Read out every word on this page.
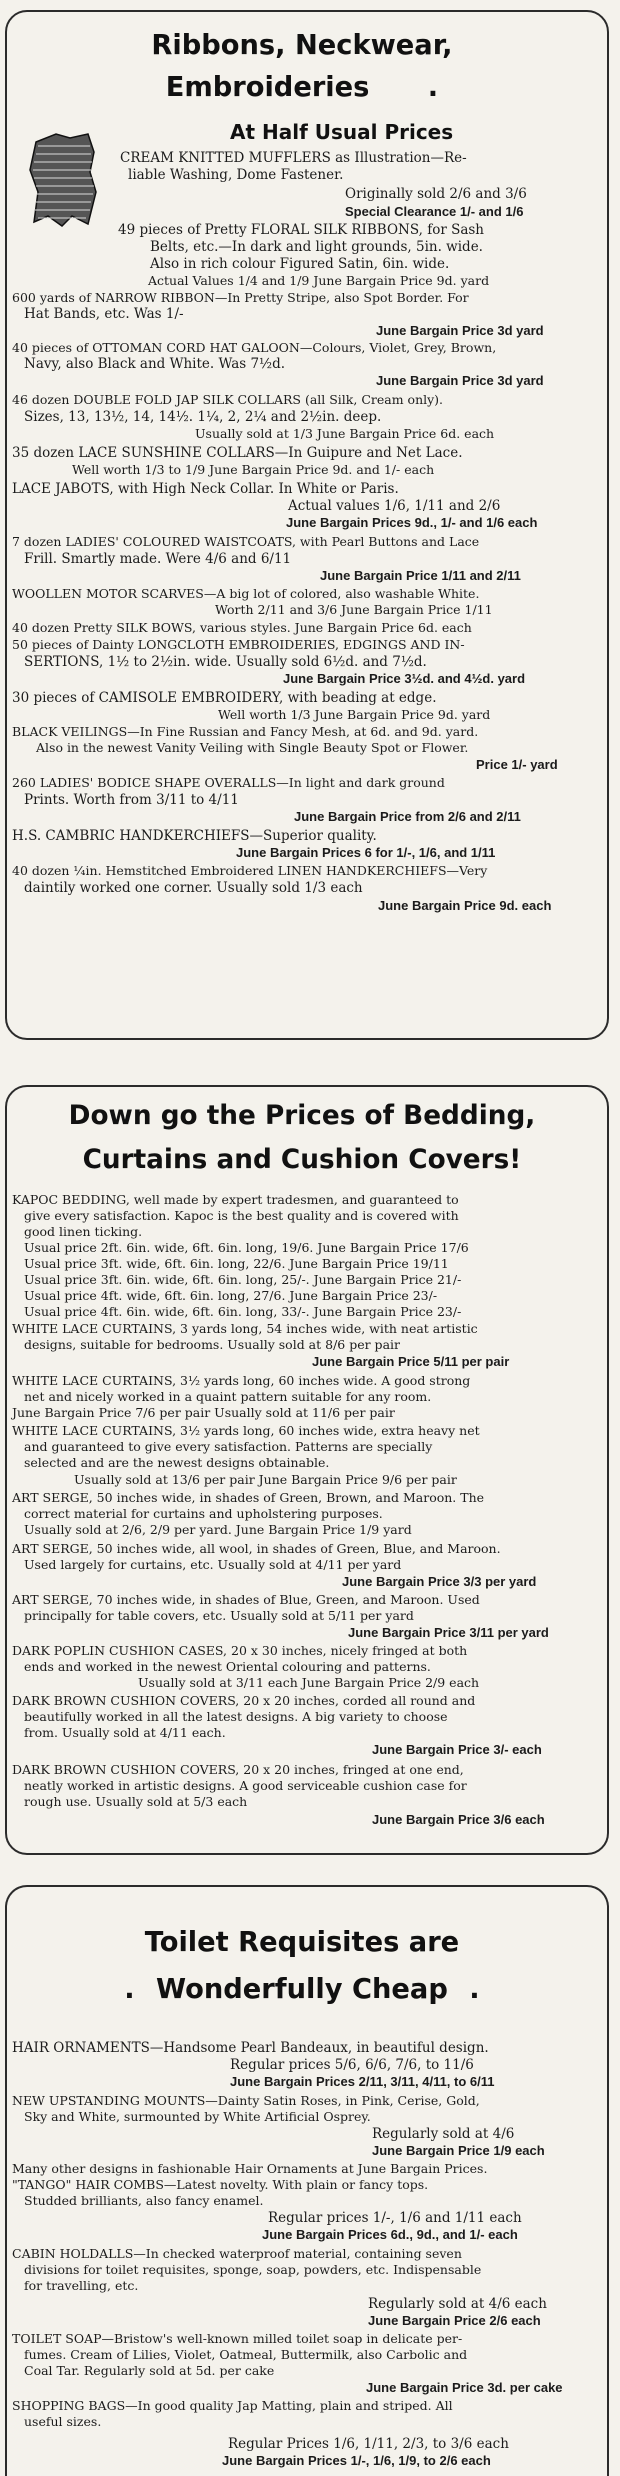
Ribbons, Neckwear,
Embroideries .
At Half Usual Prices
CREAM KNITTED MUFFLERS as Illustration—Re-
liable Washing, Dome Fastener.
Originally sold 2/6 and 3/6
Special Clearance 1/- and 1/6
49 pieces of Pretty FLORAL SILK RIBBONS, for Sash
Belts, etc.—In dark and light grounds, 5in. wide.
Also in rich colour Figured Satin, 6in. wide.
Actual Values 1/4 and 1/9 June Bargain Price 9d. yard
600 yards of NARROW RIBBON—In Pretty Stripe, also Spot Border. For
Hat Bands, etc. Was 1/-
June Bargain Price 3d yard
40 pieces of OTTOMAN CORD HAT GALOON—Colours, Violet, Grey, Brown,
Navy, also Black and White. Was 7½d.
June Bargain Price 3d yard
46 dozen DOUBLE FOLD JAP SILK COLLARS (all Silk, Cream only).
Sizes, 13, 13½, 14, 14½. 1¼, 2, 2¼ and 2½in. deep.
Usually sold at 1/3 June Bargain Price 6d. each
35 dozen LACE SUNSHINE COLLARS—In Guipure and Net Lace.
Well worth 1/3 to 1/9 June Bargain Price 9d. and 1/- each
LACE JABOTS, with High Neck Collar. In White or Paris.
Actual values 1/6, 1/11 and 2/6
June Bargain Prices 9d., 1/- and 1/6 each
7 dozen LADIES' COLOURED WAISTCOATS, with Pearl Buttons and Lace
Frill. Smartly made. Were 4/6 and 6/11
June Bargain Price 1/11 and 2/11
WOOLLEN MOTOR SCARVES—A big lot of colored, also washable White.
Worth 2/11 and 3/6 June Bargain Price 1/11
40 dozen Pretty SILK BOWS, various styles. June Bargain Price 6d. each
50 pieces of Dainty LONGCLOTH EMBROIDERIES, EDGINGS AND IN-
SERTIONS, 1½ to 2½in. wide. Usually sold 6½d. and 7½d.
June Bargain Price 3½d. and 4½d. yard
30 pieces of CAMISOLE EMBROIDERY, with beading at edge.
Well worth 1/3 June Bargain Price 9d. yard
BLACK VEILINGS—In Fine Russian and Fancy Mesh, at 6d. and 9d. yard.
Also in the newest Vanity Veiling with Single Beauty Spot or Flower.
Price 1/- yard
260 LADIES' BODICE SHAPE OVERALLS—In light and dark ground
Prints. Worth from 3/11 to 4/11
June Bargain Price from 2/6 and 2/11
H.S. CAMBRIC HANDKERCHIEFS—Superior quality.
June Bargain Prices 6 for 1/-, 1/6, and 1/11
40 dozen ¼in. Hemstitched Embroidered LINEN HANDKERCHIEFS—Very
daintily worked one corner. Usually sold 1/3 each
June Bargain Price 9d. each
Down go the Prices of Bedding,
Curtains and Cushion Covers!
KAPOC BEDDING, well made by expert tradesmen, and guaranteed to
give every satisfaction. Kapoc is the best quality and is covered with
good linen ticking.
Usual price 2ft. 6in. wide, 6ft. 6in. long, 19/6. June Bargain Price 17/6
Usual price 3ft. wide, 6ft. 6in. long, 22/6. June Bargain Price 19/11
Usual price 3ft. 6in. wide, 6ft. 6in. long, 25/-. June Bargain Price 21/-
Usual price 4ft. wide, 6ft. 6in. long, 27/6. June Bargain Price 23/-
Usual price 4ft. 6in. wide, 6ft. 6in. long, 33/-. June Bargain Price 23/-
WHITE LACE CURTAINS, 3 yards long, 54 inches wide, with neat artistic
designs, suitable for bedrooms. Usually sold at 8/6 per pair
June Bargain Price 5/11 per pair
WHITE LACE CURTAINS, 3½ yards long, 60 inches wide. A good strong
net and nicely worked in a quaint pattern suitable for any room.
June Bargain Price 7/6 per pair Usually sold at 11/6 per pair
WHITE LACE CURTAINS, 3½ yards long, 60 inches wide, extra heavy net
and guaranteed to give every satisfaction. Patterns are specially
selected and are the newest designs obtainable.
Usually sold at 13/6 per pair June Bargain Price 9/6 per pair
ART SERGE, 50 inches wide, in shades of Green, Brown, and Maroon. The
correct material for curtains and upholstering purposes.
Usually sold at 2/6, 2/9 per yard. June Bargain Price 1/9 yard
ART SERGE, 50 inches wide, all wool, in shades of Green, Blue, and Maroon.
Used largely for curtains, etc. Usually sold at 4/11 per yard
June Bargain Price 3/3 per yard
ART SERGE, 70 inches wide, in shades of Blue, Green, and Maroon. Used
principally for table covers, etc. Usually sold at 5/11 per yard
June Bargain Price 3/11 per yard
DARK POPLIN CUSHION CASES, 20 x 30 inches, nicely fringed at both
ends and worked in the newest Oriental colouring and patterns.
Usually sold at 3/11 each June Bargain Price 2/9 each
DARK BROWN CUSHION COVERS, 20 x 20 inches, corded all round and
beautifully worked in all the latest designs. A big variety to choose
from. Usually sold at 4/11 each.
June Bargain Price 3/- each
DARK BROWN CUSHION COVERS, 20 x 20 inches, fringed at one end,
neatly worked in artistic designs. A good serviceable cushion case for
rough use. Usually sold at 5/3 each
June Bargain Price 3/6 each
Toilet Requisites are
. Wonderfully Cheap .
HAIR ORNAMENTS—Handsome Pearl Bandeaux, in beautiful design.
Regular prices 5/6, 6/6, 7/6, to 11/6
June Bargain Prices 2/11, 3/11, 4/11, to 6/11
NEW UPSTANDING MOUNTS—Dainty Satin Roses, in Pink, Cerise, Gold,
Sky and White, surmounted by White Artificial Osprey.
Regularly sold at 4/6
June Bargain Price 1/9 each
Many other designs in fashionable Hair Ornaments at June Bargain Prices.
"TANGO" HAIR COMBS—Latest novelty. With plain or fancy tops.
Studded brilliants, also fancy enamel.
Regular prices 1/-, 1/6 and 1/11 each
June Bargain Prices 6d., 9d., and 1/- each
CABIN HOLDALLS—In checked waterproof material, containing seven
divisions for toilet requisites, sponge, soap, powders, etc. Indispensable
for travelling, etc.
Regularly sold at 4/6 each
June Bargain Price 2/6 each
TOILET SOAP—Bristow's well-known milled toilet soap in delicate per-
fumes. Cream of Lilies, Violet, Oatmeal, Buttermilk, also Carbolic and
Coal Tar. Regularly sold at 5d. per cake
June Bargain Price 3d. per cake
SHOPPING BAGS—In good quality Jap Matting, plain and striped. All
useful sizes.
Regular Prices 1/6, 1/11, 2/3, to 3/6 each
June Bargain Prices 1/-, 1/6, 1/9, to 2/6 each
